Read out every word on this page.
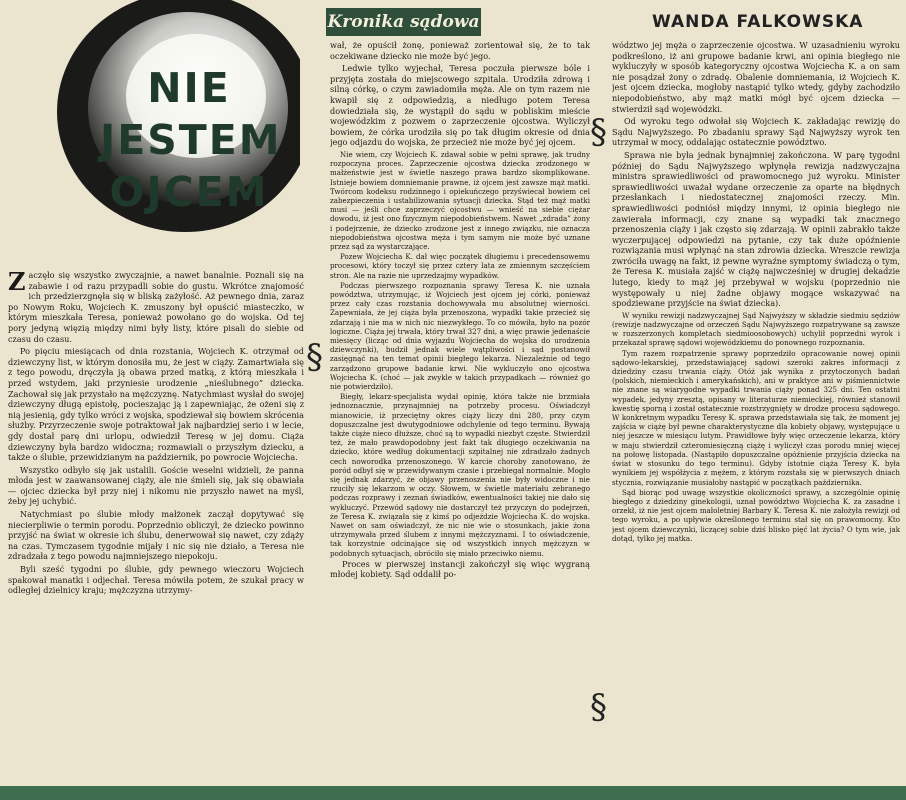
NIE JESTEM
OJCEM
Kronika sądowa	WANDA FALKOWSKA

Zaczęło się wszystko zwyczajnie, a nawet banalnie. Poznali się na zabawie i od razu przypadli sobie do gustu. Wkrótce znajomość ich przedzierzgnęła się w bliską zażyłość. Aż pewnego dnia, zaraz po Nowym Roku, Wojciech K. zmuszony był opuścić miasteczko, w którym mieszkała Teresa, ponieważ powołano go do wojska. Od tej pory jedyną więzią między nimi były listy, które pisali do siebie od czasu do czasu.

Po pięciu miesiącach od dnia rozstania, Wojciech K. otrzymał od dziewczyny list, w którym donosiła mu, że jest w ciąży. Zamartwiała się z tego powodu, dręczyła ją obawa przed matką, z którą mieszkała i przed wstydem, jaki przyniesie urodzenie „nieślubnego” dziecka. Zachował się jak przystało na mężczyznę. Natychmiast wysłał do swojej dziewczyny długą epistołę, pocieszając ją i zapewniając, że ożeni się z nią jesienią, gdy tylko wróci z wojska, spodziewał się bowiem skrócenia służby. Przyrzeczenie swoje potraktował jak najbardziej serio i w lecie, gdy dostał parę dni urlopu, odwiedził Teresę w jej domu. Ciąża dziewczyny była bardzo widoczna; rozmawiali o przyszłym dziecku, a także o ślubie, przewidzianym na październik, po powrocie Wojciecha.

Wszystko odbyło się jak ustalili. Goście weselni widzieli, że panna młoda jest w zaawansowanej ciąży, ale nie śmieli się, jak się obawiała — ojciec dziecka był przy niej i nikomu nie przyszło nawet na myśl, żeby jej uchybić.

Natychmiast po ślubie młody małżonek zaczął dopytywać się niecierpliwie o termin porodu. Poprzednio obliczył, że dziecko powinno przyjść na świat w okresie ich ślubu, denerwował się nawet, czy zdąży na czas. Tymczasem tygodnie mijały i nic się nie działo, a Teresa nie zdradzała z tego powodu najmniejszego niepokoju.

Byli sześć tygodni po ślubie, gdy pewnego wieczoru Wojciech spakował manatki i odjechał. Teresa mówiła potem, że szukał pracy w odległej dzielnicy kraju; mężczyzna utrzymy-

wał, że opuścił żonę, ponieważ zorientował się, że to tak oczekiwane dziecko nie może być jego.

Ledwie tylko wyjechał, Teresa poczuła pierwsze bóle i przyjęta została do miejscowego szpitala. Urodziła zdrową i silną córkę, o czym zawiadomiła męża. Ale on tym razem nie kwapił się z odpowiedzią, a niedługo potem Teresa dowiedziała się, że wystąpił do sądu w pobliskim mieście wojewódzkim z pozwem o zaprzeczenie ojcostwa. Wyliczył bowiem, że córka urodziła się po tak długim okresie od dnia jego odjazdu do wojska, że przecież nie może być jej ojcem.

Nie wiem, czy Wojciech K. zdawał sobie w pełni sprawę, jak trudny rozpoczyna proces. Zaprzeczenie ojcostwa dziecka zrodzonego w małżeństwie jest w świetle naszego prawa bardzo skomplikowane. Istnieje bowiem domniemanie prawne, iż ojcem jest zawsze mąż matki. Twórcom kodeksu rodzinnego i opiekuńczego przyświecał bowiem cel zabezpieczenia i ustabilizowania sytuacji dziecka. Stąd też mąż matki musi — jeśli chce zaprzeczyć ojcostwu — wnieść na siebie ciężar dowodu, iż jest ono fizycznym niepodobieństwem. Nawet „zdrada” żony i podejrzenie, że dziecko zrodzone jest z innego związku, nie oznacza niepodobieństwa ojcostwa męża i tym samym nie może być uznane przez sąd za wystarczające.

Pozew Wojciecha K. dał więc początek długiemu i precedensowemu procesowi, który toczył się przez cztery lata ze zmiennym szczęściem stron. Ale na razie nie uprzedzajmy wypadków.

Podczas pierwszego rozpoznania sprawy Teresa K. nie uznała powództwa, utrzymując, iż Wojciech jest ojcem jej córki, ponieważ przez cały czas rozstania dochowywała mu absolutnej wierności. Zapewniała, że jej ciąża była przenoszona, wypadki takie przecież się zdarzają i nie ma w nich nic niezwykłego. To co mówiła, było na pozór logiczne. Ciąża jej trwała, który trwał 327 dni, a więc prawie jedenaście miesięcy (licząc od dnia wyjazdu Wojciecha do wojska do urodzenia dziewczynki), budził jednak wiele wątpliwości i sąd postanowił zasięgnąć na ten temat opinii biegłego lekarza. Niezależnie od tego zarządzono grupowe badanie krwi. Nie wykluczyło ono ojcostwa Wojciecha K. (choć — jak zwykle w takich przypadkach — również go nie potwierdziło).

Biegły, lekarz-specjalista wydał opinię, która także nie brzmiała jednoznacznie, przynajmniej na potrzeby procesu. Oświadczył mianowicie, iż przeciętny okres ciąży liczy dni 280, przy czym dopuszczalne jest dwutygodniowe odchylenie od tego terminu. Bywają także ciąże nieco dłuższe, choć są to wypadki niezbyt częste. Stwierdził też, że mało prawdopodobny jest fakt tak długiego oczekiwania na dziecko, które według dokumentacji szpitalnej nie zdradzało żadnych cech noworodka przenoszonego. W karcie choroby zanotowano, że poród odbył się w przewidywanym czasie i przebiegał normalnie. Mogło się jednak zdarzyć, że objawy przenoszenia nie były widoczne i nie rzuciły się lekarzom w oczy. Słowem, w świetle materiału zebranego podczas rozprawy i zeznań świadków, ewentualności takiej nie dało się wykluczyć. Przewód sądowy nie dostarczył też przyczyn do podejrzeń, że Teresa K. związała się z kimś po odjeździe Wojciecha K. do wojska. Nawet on sam oświadczył, że nic nie wie o stosunkach, jakie żona utrzymywała przed ślubem z innymi mężczyznami. I to oświadczenie, tak korzystnie odcinające się od wszystkich innych mężczyzn w podobnych sytuacjach, obróciło się miało przeciwko niemu.

Proces w pierwszej instancji zakończył się więc wygraną młodej kobiety. Sąd oddalił po-

wództwo jej męża o zaprzeczenie ojcostwa. W uzasadnieniu wyroku podkreślono, iż ani grupowe badanie krwi, ani opinia biegłego nie wykluczyły w sposób kategoryczny ojcostwa Wojciecha K. a on sam nie posądzał żony o zdradę. Obalenie domniemania, iż Wojciech K. jest ojcem dziecka, mogłoby nastąpić tylko wtedy, gdyby zachodziło niepodobieństwo, aby mąż matki mógł być ojcem dziecka — stwierdził sąd wojewódzki.

Od wyroku tego odwołał się Wojciech K. zakładając rewizję do Sądu Najwyższego. Po zbadaniu sprawy Sąd Najwyższy wyrok ten utrzymał w mocy, oddalając ostatecznie powództwo.

Sprawa nie była jednak bynajmniej zakończona. W parę tygodni później do Sądu Najwyższego wpłynęła rewizja nadzwyczajna ministra sprawiedliwości od prawomocnego już wyroku. Minister sprawiedliwości uważał wydane orzeczenie za oparte na błędnych przesłankach i niedostatecznej znajomości rzeczy. Min. sprawiedliwości podniósł między innymi, iż opinia biegłego nie zawierała informacji, czy znane są wypadki tak znacznego przenoszenia ciąży i jak często się zdarzają. W opinii zabrakło także wyczerpującej odpowiedzi na pytanie, czy tak duże opóźnienie rozwiązania musi wpłynąć na stan zdrowia dziecka. Wreszcie rewizja zwróciła uwagę na fakt, iż pewne wyraźne symptomy świadczą o tym, że Teresa K. musiała zajść w ciążę najwcześniej w drugiej dekadzie lutego, kiedy to mąż jej przebywał w wojsku (poprzednio nie występowały u niej żadne objawy mogące wskazywać na spodziewane przyjście na świat dziecka).

W wyniku rewizji nadzwyczajnej Sąd Najwyższy w składzie siedmiu sędziów (rewizje nadzwyczajne od orzeczeń Sądu Najwyższego rozpatrywane są zawsze w rozszerzonych kompletach siedmioosobowych) uchylił poprzedni wyrok i przekazał sprawę sądowi wojewódzkiemu do ponownego rozpoznania.

Tym razem rozpatrzenie sprawy poprzedziło opracowanie nowej opinii sądowo-lekarskiej, przedstawiającej sądowi szeroki zakres informacji z dziedziny czasu trwania ciąży. Otóż jak wynika z przytoczonych badań (polskich, niemieckich i amerykańskich), ani w praktyce ani w piśmiennictwie nie znane są wiarygodne wypadki trwania ciąży ponad 325 dni. Ten ostatni wypadek, jedyny zresztą, opisany w literaturze niemieckiej, również stanowił kwestię sporną i został ostatecznie rozstrzygnięty w drodze procesu sądowego. W konkretnym wypadku Teresy K. sprawa przedstawiała się tak, że moment jej zajścia w ciążę był pewne charakterystyczne dla kobiety objawy, występujące u niej jeszcze w miesiącu lutym. Prawidłowe były więc orzeczenie lekarza, który w maju stwierdził czteromiesięczną ciążę i wyliczył czas porodu mniej więcej na połowę listopada. (Nastąpiło dopuszczalne opóźnienie przyjścia dziecka na świat w stosunku do tego terminu). Gdyby istotnie ciąża Teresy K. była wynikiem jej współżycia z mężem, z którym rozstała się w pierwszych dniach stycznia, rozwiązanie musiałoby nastąpić w początkach października.

Sąd biorąc pod uwagę wszystkie okoliczności sprawy, a szczególnie opinię biegłego z dziedziny ginekologii, uznał powództwo Wojciecha K. za zasadne i orzekł, iż nie jest ojcem małoletniej Barbary K. Teresa K. nie założyła rewizji od tego wyroku, a po upływie określonego terminu stał się on prawomocny. Kto jest ojcem dziewczynki, liczącej sobie dziś blisko pięć lat życia? O tym wie, jak dotąd, tylko jej matka.

§
§
§
